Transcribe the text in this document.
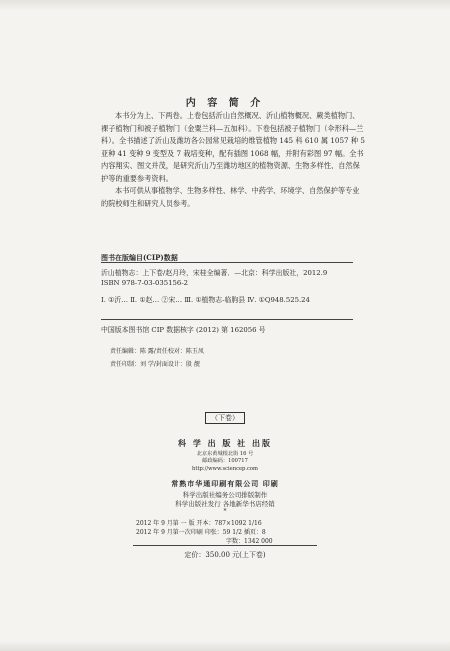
内 容 简 介

本书分为上、下两卷。上卷包括沂山自然概况、沂山植物概况、蕨类植物门、裸子植物门和被子植物门（金粟兰科—五加科）。下卷包括被子植物门（伞形科—兰科）。全书描述了沂山及潍坊各公园常见栽培的维管植物 145 科 610 属 1057 种 5 亚种 41 变种 9 变型及 7 栽培变种，配有插图 1068 幅，并附有彩图 97 幅。全书内容翔实、图文并茂，是研究沂山乃至潍坊地区的植物资源、生物多样性、自然保护等的重要参考资料。

本书可供从事植物学、生物多样性、林学、中药学、环境学、自然保护等专业的院校师生和研究人员参考。

图书在版编目(CIP)数据
沂山植物志：上下卷/赵月玲，宋桂全编著．—北京：科学出版社，2012.9
ISBN 978-7-03-035156-2
Ⅰ. ①沂… Ⅱ. ①赵… ②宋… Ⅲ. ①植物志-临朐县 Ⅳ. ①Q948.525.24
中国版本图书馆 CIP 数据核字 (2012) 第 162056 号
责任编辑：陈 露/责任校对：陈玉凤
责任印制：刘 学/封面设计：殷 靓
（下卷）
科 学 出 版 社 出版
北京东黄城根北街 16 号
邮政编码：100717
http://www.sciencep.com
常熟市华通印刷有限公司 印刷
科学出版社编务公司排版制作
科学出版社发行 各地新华书店经销
*
2012 年 9 月第 一 版 开本：787×1092 1/16
2012 年 9 月第一次印刷 印张：59 1/2 插页：8
字数：1342 000
定价：350.00 元(上下卷)
